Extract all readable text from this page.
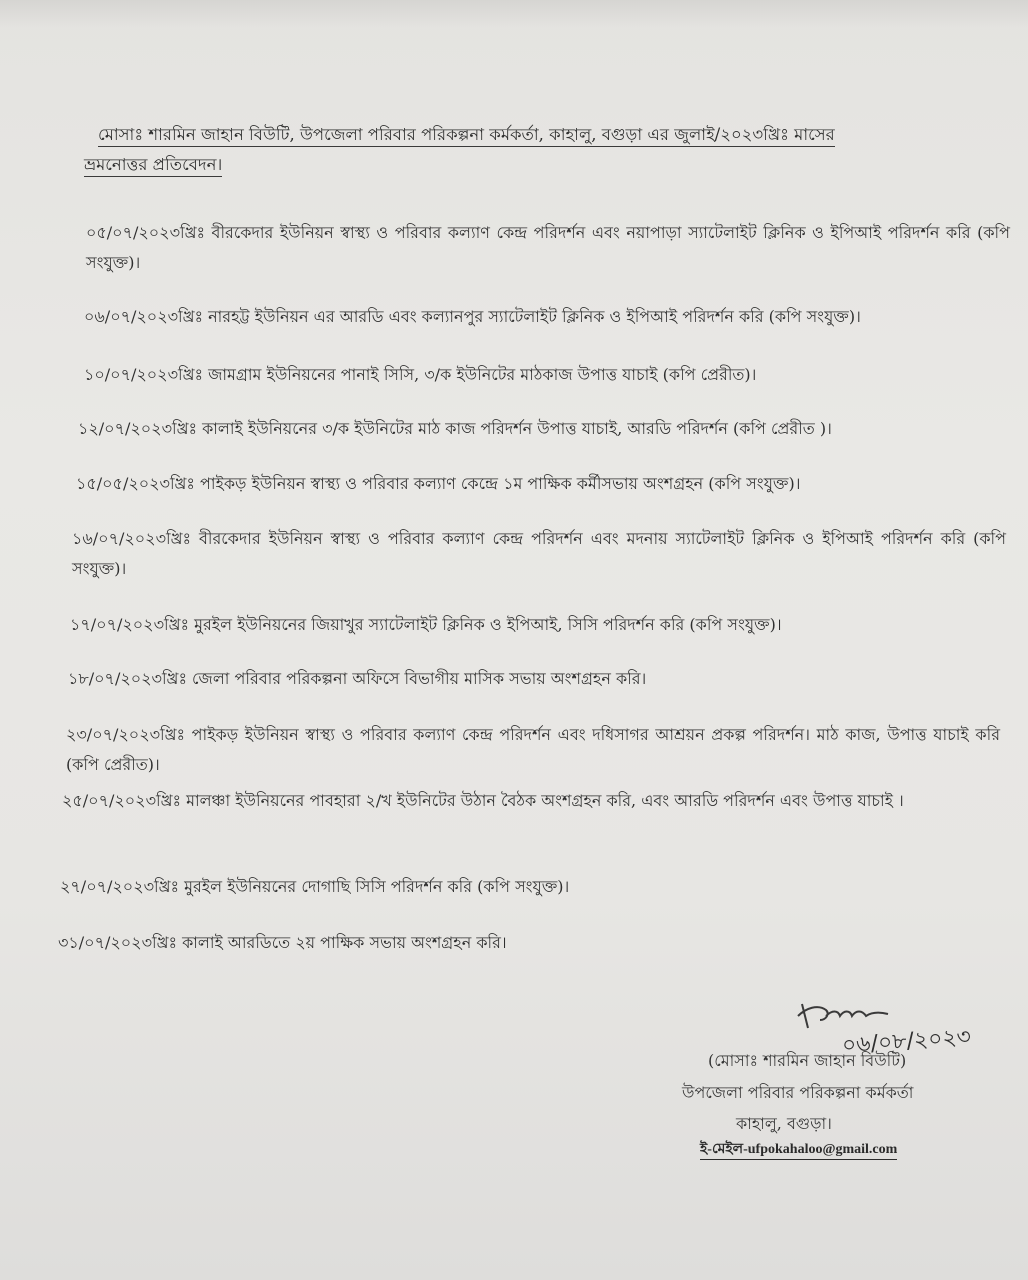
মোসাঃ শারমিন জাহান বিউটি, উপজেলা পরিবার পরিকল্পনা কর্মকর্তা, কাহালু, বগুড়া এর জুলাই/২০২৩খ্রিঃ মাসের
ভ্রমনোত্তর প্রতিবেদন।
০৫/০৭/২০২৩খ্রিঃ বীরকেদার ইউনিয়ন স্বাস্থ্য ও পরিবার কল্যাণ কেন্দ্র পরিদর্শন এবং নয়াপাড়া স্যাটেলাইট ক্লিনিক ও ইপিআই পরিদর্শন করি (কপি সংযুক্ত)।
০৬/০৭/২০২৩খ্রিঃ নারহট্ট ইউনিয়ন এর আরডি এবং কল্যানপুর স্যাটেলাইট ক্লিনিক ও ইপিআই পরিদর্শন করি (কপি সংযুক্ত)।
১০/০৭/২০২৩খ্রিঃ জামগ্রাম ইউনিয়নের পানাই সিসি, ৩/ক ইউনিটের মাঠকাজ উপাত্ত যাচাই (কপি প্রেরীত)।
১২/০৭/২০২৩খ্রিঃ কালাই ইউনিয়নের ৩/ক ইউনিটের মাঠ কাজ পরিদর্শন উপাত্ত যাচাই, আরডি পরিদর্শন (কপি প্রেরীত )।
১৫/০৫/২০২৩খ্রিঃ পাইকড় ইউনিয়ন স্বাস্থ্য ও পরিবার কল্যাণ কেন্দ্রে ১ম পাক্ষিক কর্মীসভায় অংশগ্রহন (কপি সংযুক্ত)।
১৬/০৭/২০২৩খ্রিঃ বীরকেদার ইউনিয়ন স্বাস্থ্য ও পরিবার কল্যাণ কেন্দ্র পরিদর্শন এবং মদনায় স্যাটেলাইট ক্লিনিক ও ইপিআই পরিদর্শন করি (কপি সংযুক্ত)।
১৭/০৭/২০২৩খ্রিঃ মুরইল ইউনিয়নের জিয়াখুর স্যাটেলাইট ক্লিনিক ও ইপিআই, সিসি পরিদর্শন করি (কপি সংযুক্ত)।
১৮/০৭/২০২৩খ্রিঃ জেলা পরিবার পরিকল্পনা অফিসে বিভাগীয় মাসিক সভায় অংশগ্রহন করি।
২৩/০৭/২০২৩খ্রিঃ পাইকড় ইউনিয়ন স্বাস্থ্য ও পরিবার কল্যাণ কেন্দ্র পরিদর্শন এবং দধিসাগর আশ্রয়ন প্রকল্প পরিদর্শন। মাঠ কাজ, উপাত্ত যাচাই করি (কপি প্রেরীত)।
২৫/০৭/২০২৩খ্রিঃ মালঞ্চা ইউনিয়নের পাবহারা ২/খ ইউনিটের উঠান বৈঠক অংশগ্রহন করি, এবং আরডি পরিদর্শন এবং উপাত্ত যাচাই ।
২৭/০৭/২০২৩খ্রিঃ মুরইল ইউনিয়নের দোগাছি সিসি পরিদর্শন করি (কপি সংযুক্ত)।
৩১/০৭/২০২৩খ্রিঃ কালাই আরডিতে ২য় পাক্ষিক সভায় অংশগ্রহন করি।
০৬/০৮/২০২৩
(মোসাঃ শারমিন জাহান বিউটি)
উপজেলা পরিবার পরিকল্পনা কর্মকর্তা
কাহালু, বগুড়া।
ই-মেইল-ufpokahaloo@gmail.com
